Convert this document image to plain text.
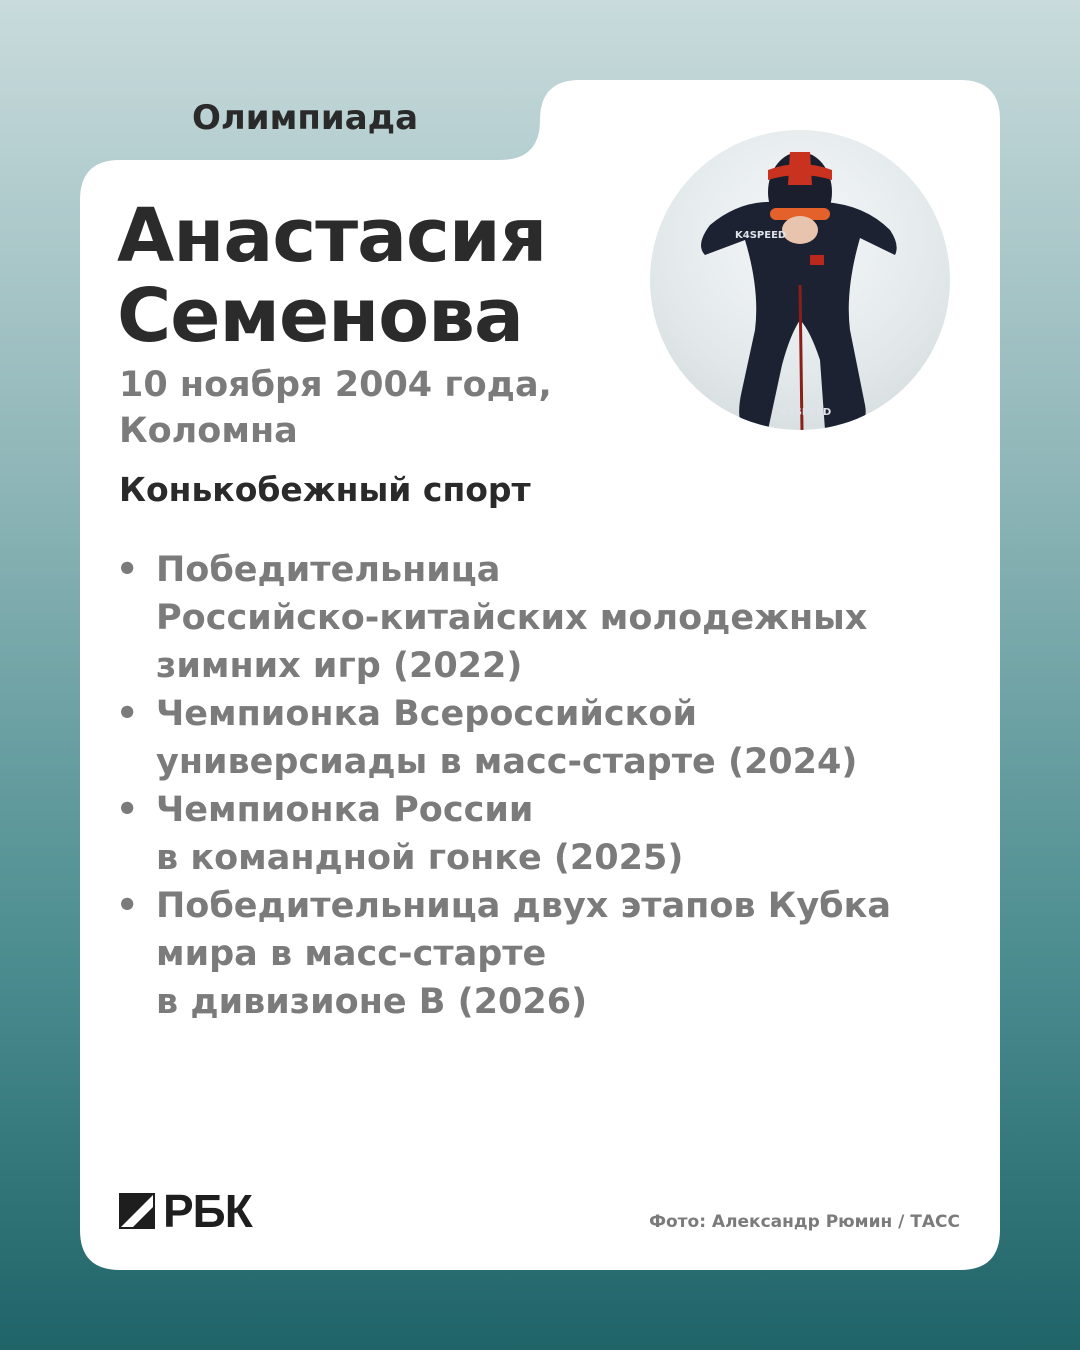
Олимпиада
Анастасия
Семенова
10 ноября 2004 года,
Коломна
Конькобежный спорт
K4SPEED
K4SPEED
• Победительница
Российско-китайских молодежных
зимних игр (2022)
• Чемпионка Всероссийской
универсиады в масс-старте (2024)
• Чемпионка России
в командной гонке (2025)
• Победительница двух этапов Кубка
мира в масс-старте
в дивизионе В (2026)
РБК	Фото: Александр Рюмин / ТАСС
